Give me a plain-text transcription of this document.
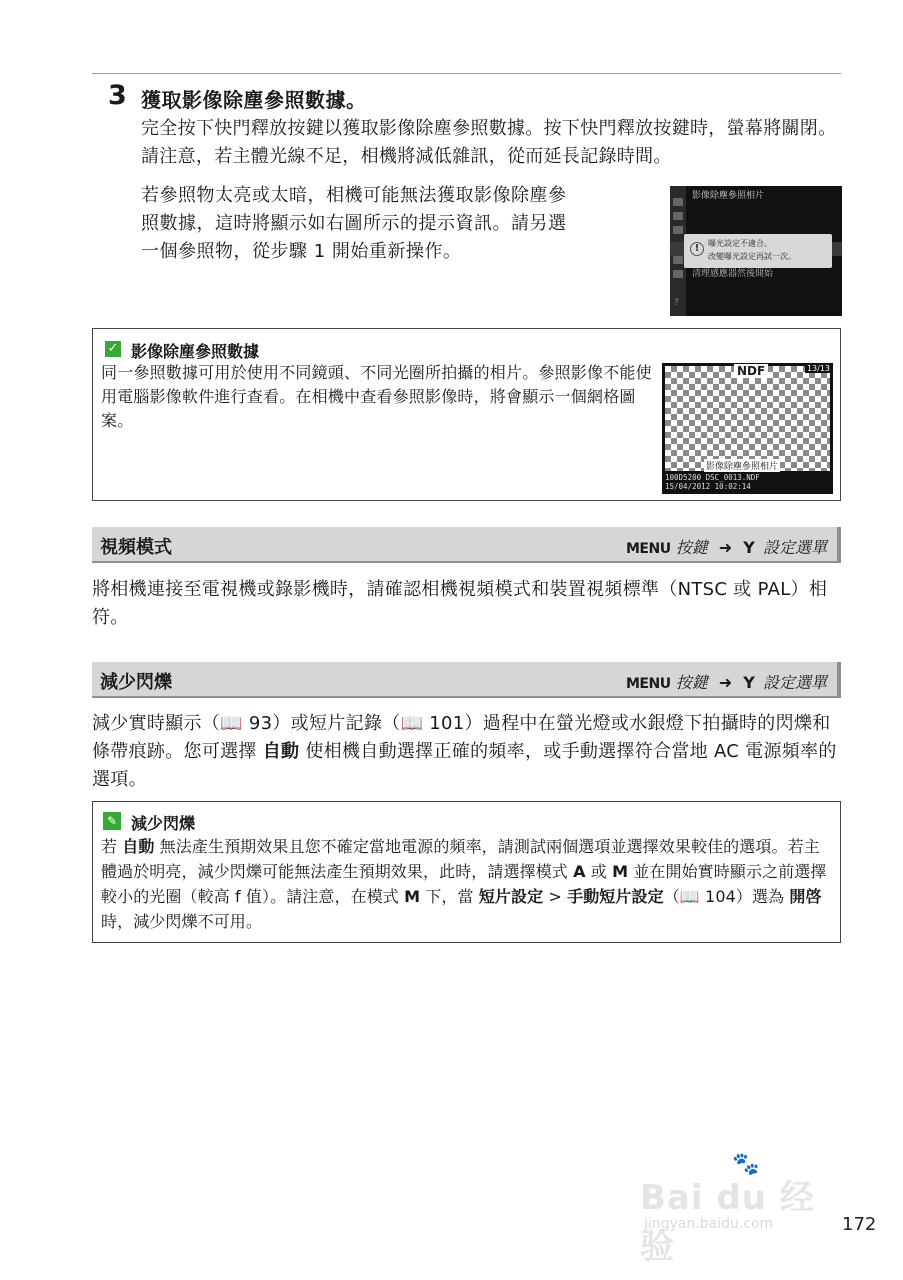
3 獲取影像除塵參照數據。
完全按下快門釋放按鍵以獲取影像除塵參照數據。按下快門釋放按鍵時，螢幕將關閉。請注意，若主體光線不足，相機將減低雜訊，從而延長記錄時間。
若參照物太亮或太暗，相機可能無法獲取影像除塵參照數據，這時將顯示如右圖所示的提示資訊。請另選一個參照物，從步驟 1 開始重新操作。
影像除塵參照相片
清理感應器然後開始
!	曝光設定不適合。
改變曝光設定再試一次。
?
✓ 影像除塵參照數據
同一參照數據可用於使用不同鏡頭、不同光圈所拍攝的相片。參照影像不能使用電腦影像軟件進行查看。在相機中查看參照影像時，將會顯示一個網格圖案。
NDF	13/13
影像除塵參照相片
100D5200 DSC_0013.NDF
15/04/2012 10:02:14
視頻模式	MENU 按鍵 ➜ Y 設定選單
將相機連接至電視機或錄影機時，請確認相機視頻模式和裝置視頻標準（NTSC 或 PAL）相符。
減少閃爍	MENU 按鍵 ➜ Y 設定選單
減少實時顯示（📖 93）或短片記錄（📖 101）過程中在螢光燈或水銀燈下拍攝時的閃爍和條帶痕跡。您可選擇 自動 使相機自動選擇正確的頻率，或手動選擇符合當地 AC 電源頻率的選項。
✎ 減少閃爍
若 自動 無法產生預期效果且您不確定當地電源的頻率，請測試兩個選項並選擇效果較佳的選項。若主體過於明亮，減少閃爍可能無法產生預期效果，此時，請選擇模式 A 或 M 並在開始實時顯示之前選擇較小的光圈（較高 f 值）。請注意，在模式 M 下，當 短片設定 > 手動短片設定（📖 104）選為 開啓 時，減少閃爍不可用。
🐾
Bai du 经验
jingyan.baidu.com	172
